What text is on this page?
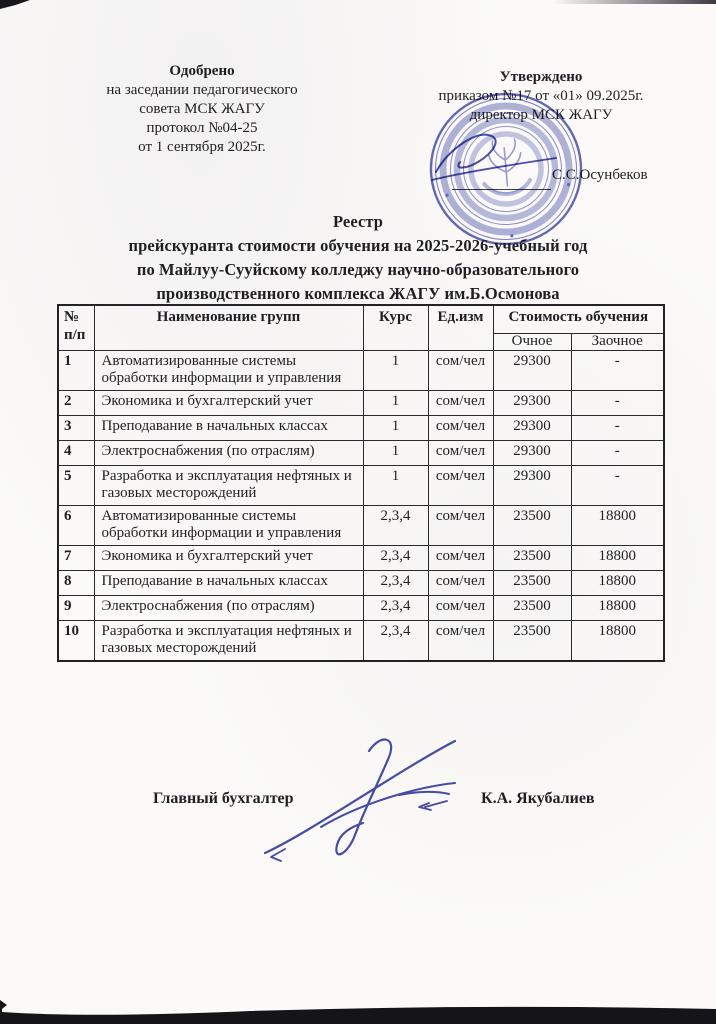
Одобрено
на заседании педагогического
совета МСК ЖАГУ
протокол №04-25
от 1 сентября 2025г.
Утверждено
приказом №17 от «01» 09.2025г.
директор МСК ЖАГУ
С.С.Осунбеков
Реестр
прейскуранта стоимости обучения на 2025-2026-учебный год
по Майлуу-Сууйскому колледжу научно-образовательного
производственного комплекса ЖАГУ им.Б.Осмонова
№
п/п	Наименование групп	Курс	Ед.изм	Стоимость обучения	
				Очное	Заочное
1	Автоматизированные системы обработки информации и управления	1	сом/чел	29300	-
2	Экономика и бухгалтерский учет	1	сом/чел	29300	-
3	Преподавание в начальных классах	1	сом/чел	29300	-
4	Электроснабжения (по отраслям)	1	сом/чел	29300	-
5	Разработка и эксплуатация нефтяных и газовых месторождений	1	сом/чел	29300	-
6	Автоматизированные системы обработки информации и управления	2,3,4	сом/чел	23500	18800
7	Экономика и бухгалтерский учет	2,3,4	сом/чел	23500	18800
8	Преподавание в начальных классах	2,3,4	сом/чел	23500	18800
9	Электроснабжения (по отраслям)	2,3,4	сом/чел	23500	18800
10	Разработка и эксплуатация нефтяных и газовых месторождений	2,3,4	сом/чел	23500	18800
Главный бухгалтер	К.А. Якубалиев
